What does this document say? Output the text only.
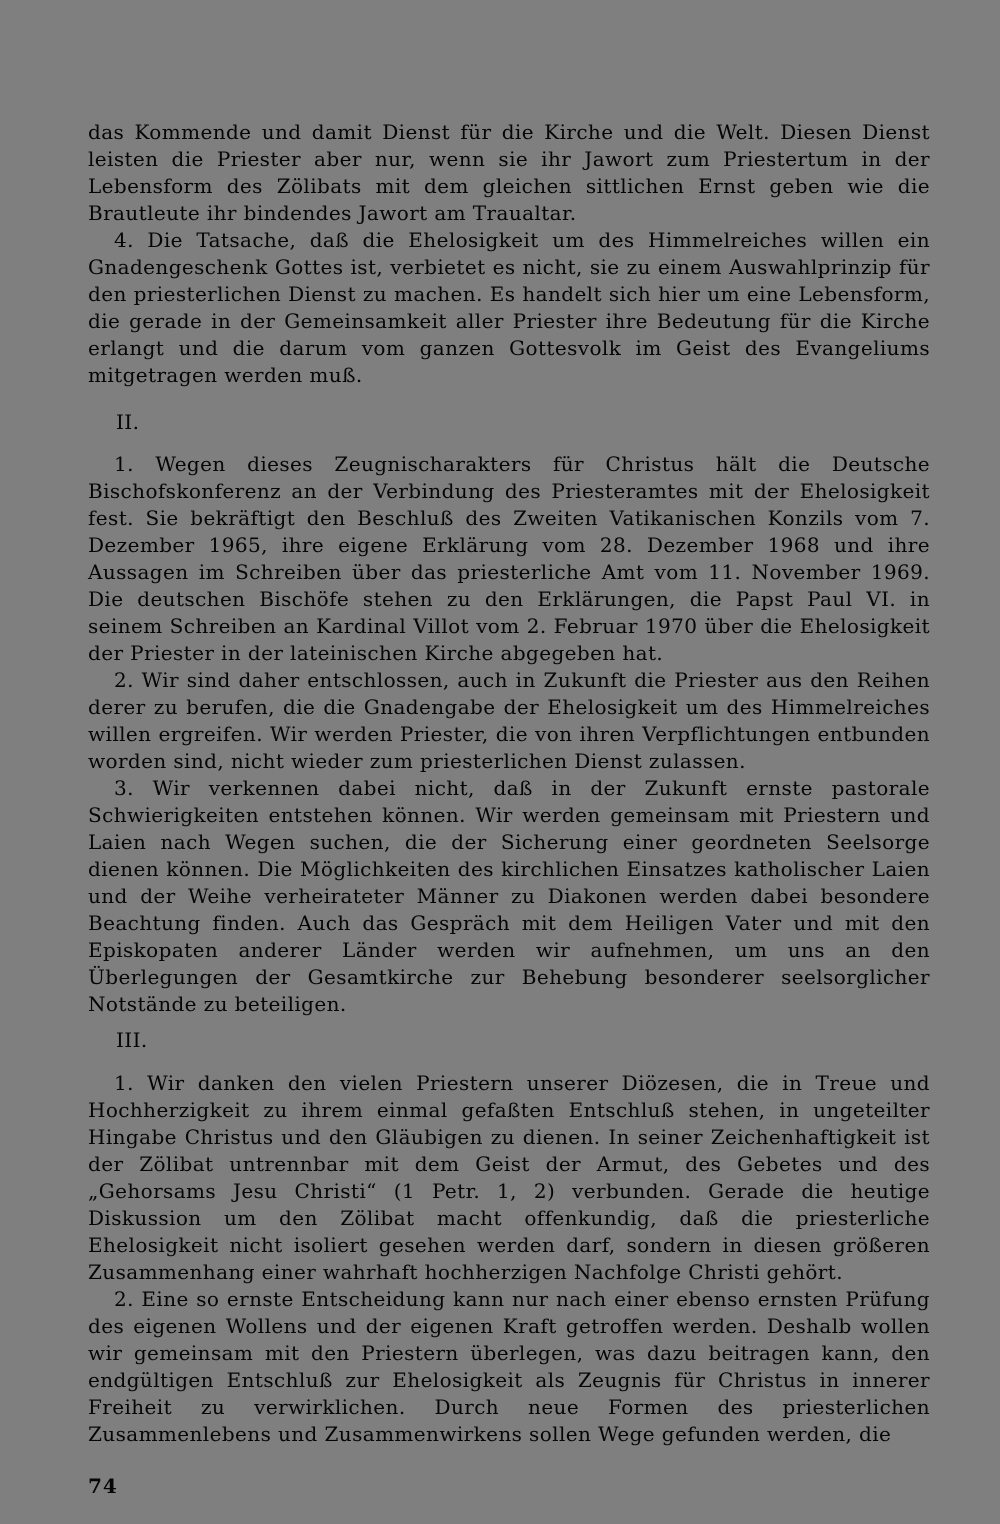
das Kommende und damit Dienst für die Kirche und die Welt. Diesen Dienst leisten die Priester aber nur, wenn sie ihr Jawort zum Priestertum in der Lebensform des Zölibats mit dem gleichen sittlichen Ernst geben wie die Brautleute ihr bindendes Jawort am Traualtar.

4. Die Tatsache, daß die Ehelosigkeit um des Himmelreiches willen ein Gnadengeschenk Gottes ist, verbietet es nicht, sie zu einem Auswahlprinzip für den priesterlichen Dienst zu machen. Es handelt sich hier um eine Lebensform, die gerade in der Gemeinsamkeit aller Priester ihre Bedeutung für die Kirche erlangt und die darum vom ganzen Gottesvolk im Geist des Evangeliums mitgetragen werden muß.

II.

1. Wegen dieses Zeugnischarakters für Christus hält die Deutsche Bischofskonferenz an der Verbindung des Priesteramtes mit der Ehelosigkeit fest. Sie bekräftigt den Beschluß des Zweiten Vatikanischen Konzils vom 7. Dezember 1965, ihre eigene Erklärung vom 28. Dezember 1968 und ihre Aussagen im Schreiben über das priesterliche Amt vom 11. November 1969. Die deutschen Bischöfe stehen zu den Erklärungen, die Papst Paul VI. in seinem Schreiben an Kardinal Villot vom 2. Februar 1970 über die Ehelosigkeit der Priester in der lateinischen Kirche abgegeben hat.

2. Wir sind daher entschlossen, auch in Zukunft die Priester aus den Reihen derer zu berufen, die die Gnadengabe der Ehelosigkeit um des Himmelreiches willen ergreifen. Wir werden Priester, die von ihren Verpflichtungen entbunden worden sind, nicht wieder zum priesterlichen Dienst zulassen.

3. Wir verkennen dabei nicht, daß in der Zukunft ernste pastorale Schwierigkeiten entstehen können. Wir werden gemeinsam mit Priestern und Laien nach Wegen suchen, die der Sicherung einer geordneten Seelsorge dienen können. Die Möglichkeiten des kirchlichen Einsatzes katholischer Laien und der Weihe verheirateter Männer zu Diakonen werden dabei besondere Beachtung finden. Auch das Gespräch mit dem Heiligen Vater und mit den Episkopaten anderer Länder werden wir aufnehmen, um uns an den Überlegungen der Gesamtkirche zur Behebung besonderer seelsorglicher Notstände zu beteiligen.

III.

1. Wir danken den vielen Priestern unserer Diözesen, die in Treue und Hochherzigkeit zu ihrem einmal gefaßten Entschluß stehen, in ungeteilter Hingabe Christus und den Gläubigen zu dienen. In seiner Zeichenhaftigkeit ist der Zölibat untrennbar mit dem Geist der Armut, des Gebetes und des „Gehorsams Jesu Christi“ (1 Petr. 1, 2) verbunden. Gerade die heutige Diskussion um den Zölibat macht offenkundig, daß die priesterliche Ehelosigkeit nicht isoliert gesehen werden darf, sondern in diesen größeren Zusammenhang einer wahrhaft hochherzigen Nachfolge Christi gehört.

2. Eine so ernste Entscheidung kann nur nach einer ebenso ernsten Prüfung des eigenen Wollens und der eigenen Kraft getroffen werden. Deshalb wollen wir gemeinsam mit den Priestern überlegen, was dazu beitragen kann, den endgültigen Entschluß zur Ehelosigkeit als Zeugnis für Christus in innerer Freiheit zu verwirklichen. Durch neue Formen des priesterlichen Zusammenlebens und Zusammenwirkens sollen Wege gefunden werden, die

74
